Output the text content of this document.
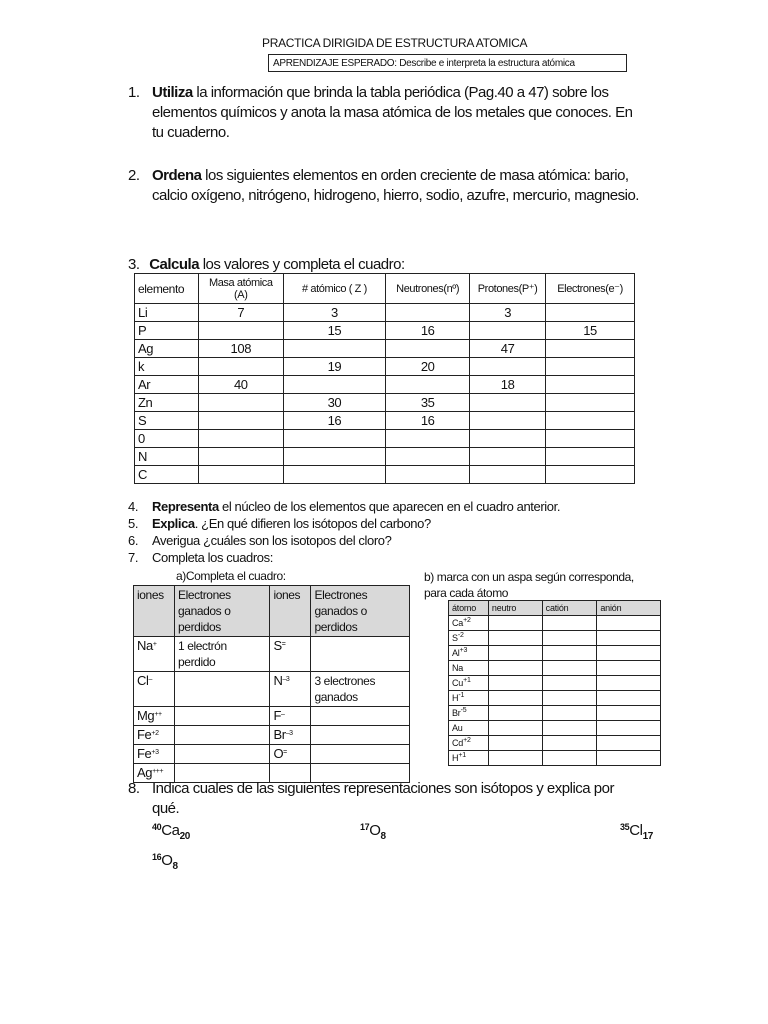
PRACTICA DIRIGIDA DE ESTRUCTURA ATOMICA
APRENDIZAJE ESPERADO: Describe e interpreta la estructura atómica
1. Utiliza la información que brinda la tabla periódica (Pag.40 a 47) sobre los
elementos químicos y anota la masa atómica de los metales que conoces. En
tu cuaderno.
2. Ordena los siguientes elementos en orden creciente de masa atómica: bario,
calcio oxígeno, nitrógeno, hidrogeno, hierro, sodio, azufre, mercurio, magnesio.
3. Calcula los valores y completa el cuadro:
elemento	Masa atómica (A)	# atómico ( Z )	Neutrones(nº)	Protones(P⁺)	Electrones(e⁻)
Li	7	3		3	
P		15	16		15
Ag	108			47	
k		19	20		
Ar	40			18	
Zn		30	35		
S		16	16		
0					
N					
C					
4. Representa el núcleo de los elementos que aparecen en el cuadro anterior.
5. Explica. ¿En qué difieren los isótopos del carbono?
6. Averigua ¿cuáles son los isotopos del cloro?
7. Completa los cuadros:
a)Completa el cuadro:	b) marca con un aspa según corresponda,
para cada átomo
iones	Electrones ganados o perdidos	iones	Electrones ganados o perdidos
Na+	1 electrón perdido	S=	
Cl–		$N^{-3}$	3 electrones ganados
Mg++		F–	
$Fe^{+2}$		$Br^{-3}$	
$Fe^{+3}$		O=	
Ag+++			
átomo	neutro	catión	anión
$Ca^{+2}$			
$S^{-2}$			
$Al^{+3}$			
Na			
$Cu^{+1}$			
$H^{-1}$			
$Br^{-5}$			
Au			
$Cd^{+2}$			
$H^{+1}$			
8. Indica cuales de las siguientes representaciones son isótopos y explica por
qué.
$^{40}Ca_{20}$
$^{17}O_8$
$^{35}Cl_{17}$
$^{16}O_8$
